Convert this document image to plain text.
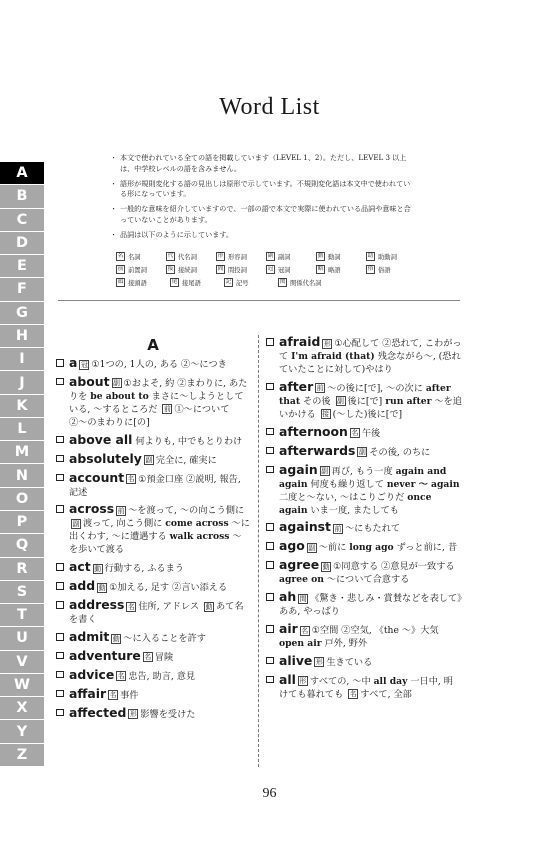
Word List
・ 本文で使われている全ての語を掲載しています（LEVEL 1、2）。ただし、LEVEL 3 以上は、中学校レベルの語を含みません。
・ 語形が規則変化する語の見出しは原形で示しています。不規則変化語は本文中で使われている形になっています。
・ 一般的な意味を紹介していますので、一部の語で本文で実際に使われている品詞や意味と合っていないことがあります。
・ 品詞は以下のように示しています。
名 名詞	代 代名詞	形 形容詞	副 副詞	動 動詞	助 助動詞
前 前置詞	接 接続詞	間 間投詞	冠 冠詞	略 略語	俗 俗語
頭 接頭語	尾 接尾語	記 記号	関 関係代名詞
A
B
C
D
E
F
G
H
I
J
K
L
M
N
O
P
Q
R
S
T
U
V
W
X
Y
Z
A
a 冠 ①1つの, 1人の, ある ②〜につき
about 副 ①およそ, 約 ②まわりに, あたりを be about to まさに〜しようとしている, 〜するところだ 前 ①〜について ②〜のまわりに[の]
above all 何よりも, 中でもとりわけ
absolutely 副 完全に, 確実に
account 名 ①預金口座 ②説明, 報告, 記述
across 前 〜を渡って, 〜の向こう側に 副 渡って, 向こう側に come across 〜に出くわす, 〜に遭遇する walk across 〜を歩いて渡る
act 動 行動する, ふるまう
add 動 ①加える, 足す ②言い添える
address 名 住所, アドレス 動 あて名を書く
admit 動 〜に入ることを許す
adventure 名 冒険
advice 名 忠告, 助言, 意見
affair 名 事件
affected 形 影響を受けた
afraid 形 ①心配して ②恐れて, こわがって I'm afraid (that) 残念ながら〜, (恐れていたことに対して)やはり
after 前 〜の後に[で], 〜の次に after that その後 副 後に[で] run after 〜を追いかける 接 (〜した)後に[で]
afternoon 名 午後
afterwards 副 その後, のちに
again 副 再び, もう一度 again and again 何度も繰り返して never 〜 again 二度と〜ない, 〜はこりごりだ once again いま一度, またしても
against 前 〜にもたれて
ago 副 〜前に long ago ずっと前に, 昔
agree 動 ①同意する ②意見が一致する agree on 〜について合意する
ah 間 《驚き・悲しみ・賞賛などを表して》ああ, やっぱり
air 名 ①空間 ②空気, 《the 〜》大気 open air 戸外, 野外
alive 形 生きている
all 形 すべての, 〜中 all day 一日中, 明けても暮れても 名 すべて, 全部
96
